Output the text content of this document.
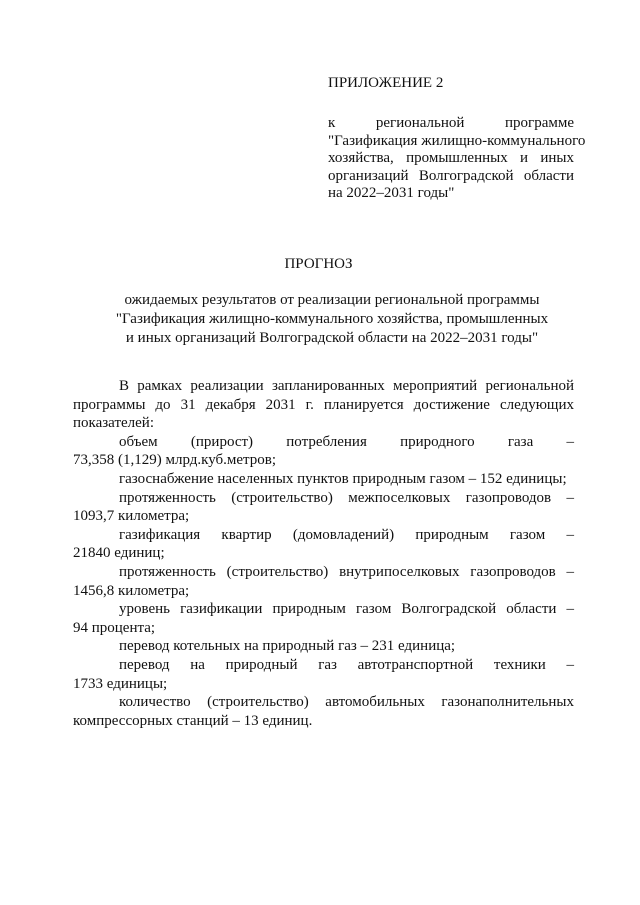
ПРИЛОЖЕНИЕ 2
к региональной программе
"Газификация жилищно-коммунального
хозяйства, промышленных и иных
организаций Волгоградской области
на 2022–2031 годы"
ПРОГНОЗ
ожидаемых результатов от реализации региональной программы
"Газификация жилищно-коммунального хозяйства, промышленных
и иных организаций Волгоградской области на 2022–2031 годы"
В рамках реализации запланированных мероприятий региональной
программы до 31 декабря 2031 г. планируется достижение следующих
показателей:
объем (прирост) потребления природного газа –
73,358 (1,129) млрд.куб.метров;
газоснабжение населенных пунктов природным газом – 152 единицы;
протяженность (строительство) межпоселковых газопроводов –
1093,7 километра;
газификация квартир (домовладений) природным газом –
21840 единиц;
протяженность (строительство) внутрипоселковых газопроводов –
1456,8 километра;
уровень газификации природным газом Волгоградской области –
94 процента;
перевод котельных на природный газ – 231 единица;
перевод на природный газ автотранспортной техники –
1733 единицы;
количество (строительство) автомобильных газонаполнительных
компрессорных станций – 13 единиц.
